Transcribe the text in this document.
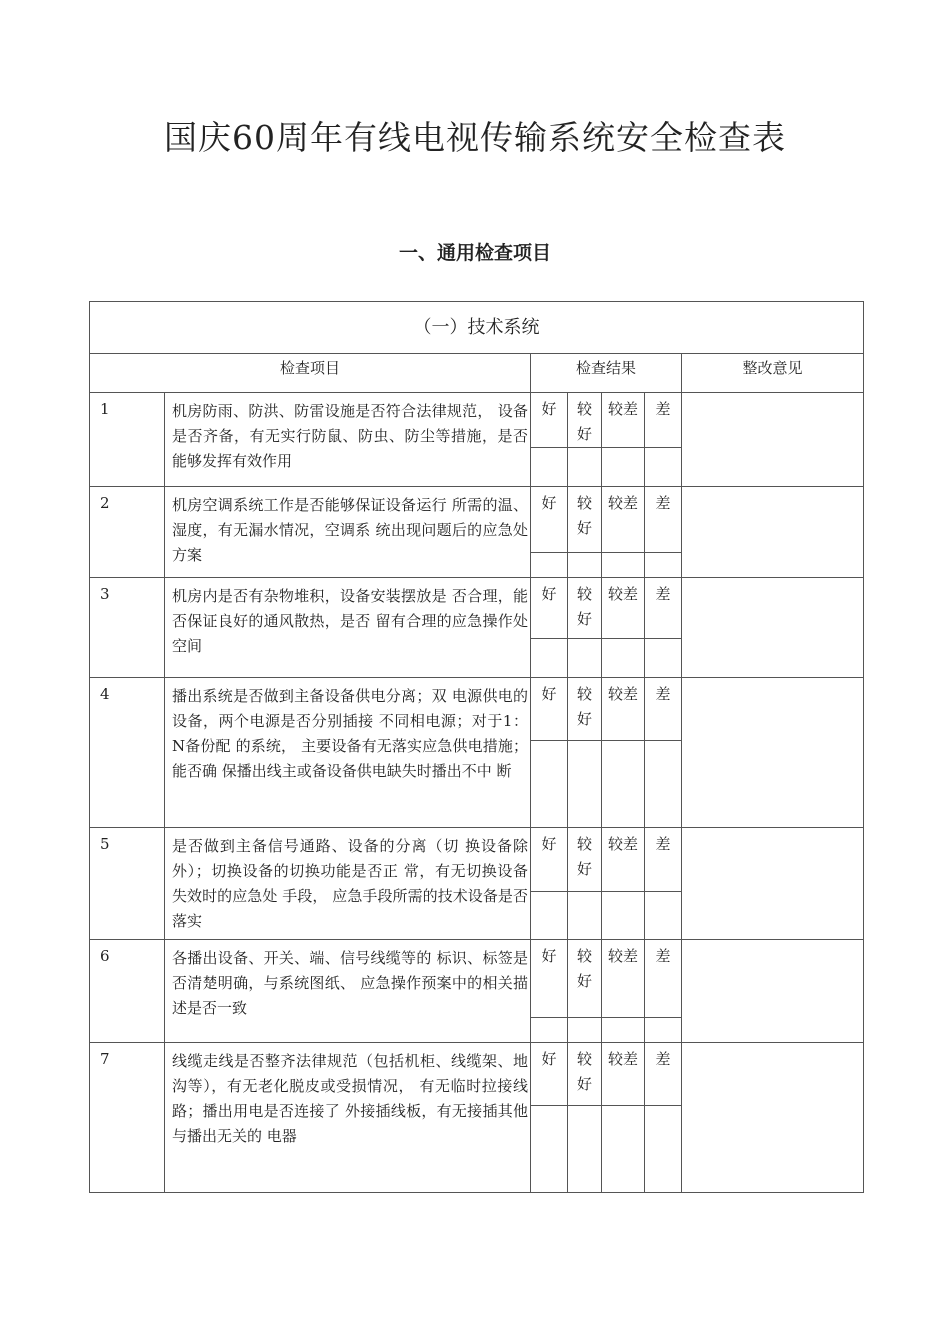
国庆60周年有线电视传输系统安全检查表
一、通用检查项目
（一）技术系统						
检查项目		检查结果				整改意见
1	机房防雨、防洪、防雷设施是否符合法律规范， 设备是否齐备，有无实行防鼠、防虫、防尘等措施，是否能够发挥有效作用	好	较好	较差	差	

2	机房空调系统工作是否能够保证设备运行 所需的温、湿度，有无漏水情况，空调系 统出现问题后的应急处 方案	好	较好	较差	差	

3	机房内是否有杂物堆积，设备安装摆放是 否合理，能否保证良好的通风散热，是否 留有合理的应急操作处空间	好	较好	较差	差	

4	播出系统是否做到主备设备供电分离；双 电源供电的设备，两个电源是否分别插接 不同相电源；对于1： N备份配 的系统， 主要设备有无落实应急供电措施；能否确 保播出线主或备设备供电缺失时播出不中 断	好	较好	较差	差	

5	是否做到主备信号通路、设备的分离（切 换设备除外）；切换设备的切换功能是否正 常，有无切换设备失效时的应急处 手段， 应急手段所需的技术设备是否落实	好	较好	较差	差	

6	各播出设备、开关、端、信号线缆等的 标识、标签是否清楚明确，与系统图纸、 应急操作预案中的相关描述是否一致	好	较好	较差	差	

7	线缆走线是否整齐法律规范（包括机柜、线缆架、地沟等），有无老化脱皮或受损情况， 有无临时拉接线路；播出用电是否连接了 外接插线板，有无接插其他与播出无关的 电器	好	较好	较差	差	
